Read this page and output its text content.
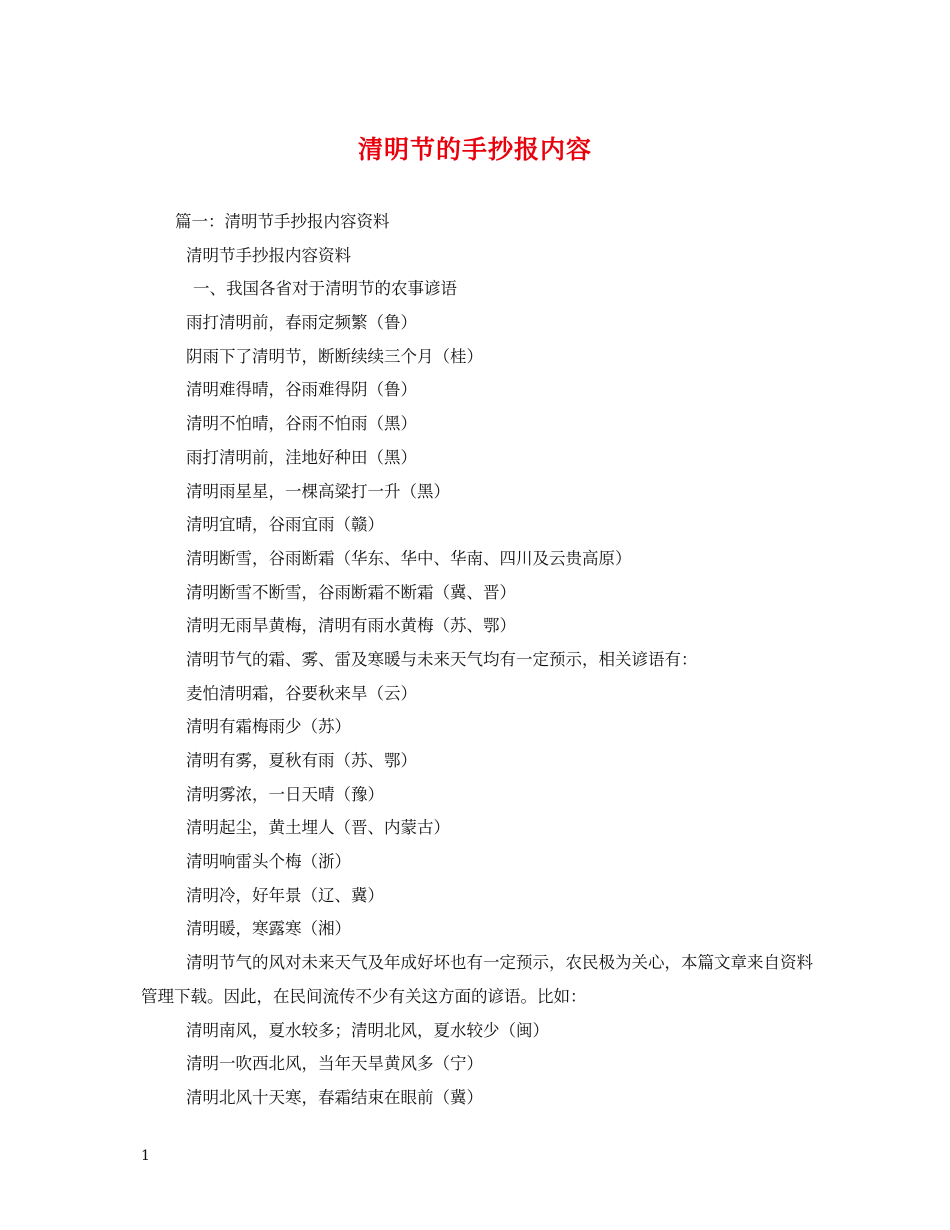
清明节的手抄报内容
篇一：清明节手抄报内容资料
清明节手抄报内容资料
一、我国各省对于清明节的农事谚语
雨打清明前，春雨定频繁（鲁）
阴雨下了清明节，断断续续三个月（桂）
清明难得晴，谷雨难得阴（鲁）
清明不怕晴，谷雨不怕雨（黑）
雨打清明前，洼地好种田（黑）
清明雨星星，一棵高粱打一升（黑）
清明宜晴，谷雨宜雨（赣）
清明断雪，谷雨断霜（华东、华中、华南、四川及云贵高原）
清明断雪不断雪，谷雨断霜不断霜（冀、晋）
清明无雨旱黄梅，清明有雨水黄梅（苏、鄂）
清明节气的霜、雾、雷及寒暖与未来天气均有一定预示，相关谚语有：
麦怕清明霜，谷要秋来旱（云）
清明有霜梅雨少（苏）
清明有雾，夏秋有雨（苏、鄂）
清明雾浓，一日天晴（豫）
清明起尘，黄土埋人（晋、内蒙古）
清明响雷头个梅（浙）
清明冷，好年景（辽、冀）
清明暖，寒露寒（湘）
清明节气的风对未来天气及年成好坏也有一定预示，农民极为关心，本篇文章来自资料管理下载。因此，在民间流传不少有关这方面的谚语。比如：
清明南风，夏水较多；清明北风，夏水较少（闽）
清明一吹西北风，当年天旱黄风多（宁）
清明北风十天寒，春霜结束在眼前（冀）
1
